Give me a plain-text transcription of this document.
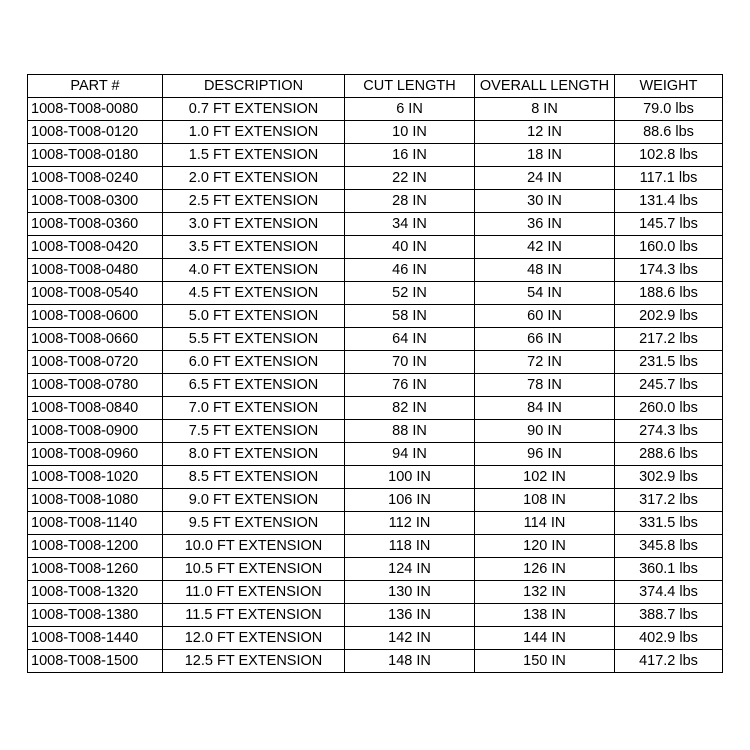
PART #	DESCRIPTION	CUT LENGTH	OVERALL LENGTH	WEIGHT
1008-T008-0080	0.7 FT EXTENSION	6 IN	8 IN	79.0 lbs
1008-T008-0120	1.0 FT EXTENSION	10 IN	12 IN	88.6 lbs
1008-T008-0180	1.5 FT EXTENSION	16 IN	18 IN	102.8 lbs
1008-T008-0240	2.0 FT EXTENSION	22 IN	24 IN	117.1 lbs
1008-T008-0300	2.5 FT EXTENSION	28 IN	30 IN	131.4 lbs
1008-T008-0360	3.0 FT EXTENSION	34 IN	36 IN	145.7 lbs
1008-T008-0420	3.5 FT EXTENSION	40 IN	42 IN	160.0 lbs
1008-T008-0480	4.0 FT EXTENSION	46 IN	48 IN	174.3 lbs
1008-T008-0540	4.5 FT EXTENSION	52 IN	54 IN	188.6 lbs
1008-T008-0600	5.0 FT EXTENSION	58 IN	60 IN	202.9 lbs
1008-T008-0660	5.5 FT EXTENSION	64 IN	66 IN	217.2 lbs
1008-T008-0720	6.0 FT EXTENSION	70 IN	72 IN	231.5 lbs
1008-T008-0780	6.5 FT EXTENSION	76 IN	78 IN	245.7 lbs
1008-T008-0840	7.0 FT EXTENSION	82 IN	84 IN	260.0 lbs
1008-T008-0900	7.5 FT EXTENSION	88 IN	90 IN	274.3 lbs
1008-T008-0960	8.0 FT EXTENSION	94 IN	96 IN	288.6 lbs
1008-T008-1020	8.5 FT EXTENSION	100 IN	102 IN	302.9 lbs
1008-T008-1080	9.0 FT EXTENSION	106 IN	108 IN	317.2 lbs
1008-T008-1140	9.5 FT EXTENSION	112 IN	114 IN	331.5 lbs
1008-T008-1200	10.0 FT EXTENSION	118 IN	120 IN	345.8 lbs
1008-T008-1260	10.5 FT EXTENSION	124 IN	126 IN	360.1 lbs
1008-T008-1320	11.0 FT EXTENSION	130 IN	132 IN	374.4 lbs
1008-T008-1380	11.5 FT EXTENSION	136 IN	138 IN	388.7 lbs
1008-T008-1440	12.0 FT EXTENSION	142 IN	144 IN	402.9 lbs
1008-T008-1500	12.5 FT EXTENSION	148 IN	150 IN	417.2 lbs
